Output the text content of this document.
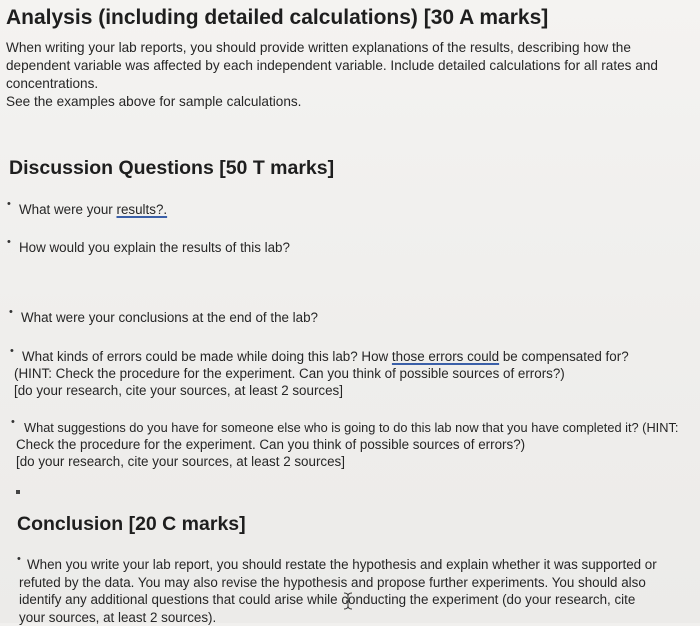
Analysis (including detailed calculations) [30 A marks]

When writing your lab reports, you should provide written explanations of the results, describing how the dependent variable was affected by each independent variable. Include detailed calculations for all rates and concentrations.

See the examples above for sample calculations.

Discussion Questions [50 T marks]
• What were your results?.
• How would you explain the results of this lab?
• What were your conclusions at the end of the lab?
• What kinds of errors could be made while doing this lab? How those errors could be compensated for?
(HINT: Check the procedure for the experiment. Can you think of possible sources of errors?)
[do your research, cite your sources, at least 2 sources]
• What suggestions do you have for someone else who is going to do this lab now that you have completed it? (HINT:
Check the procedure for the experiment. Can you think of possible sources of errors?)
[do your research, cite your sources, at least 2 sources]
Conclusion [20 C marks]
• When you write your lab report, you should restate the hypothesis and explain whether it was supported or
refuted by the data. You may also revise the hypothesis and propose further experiments. You should also
identify any additional questions that could arise while conducting the experiment (do your research, cite
your sources, at least 2 sources).
